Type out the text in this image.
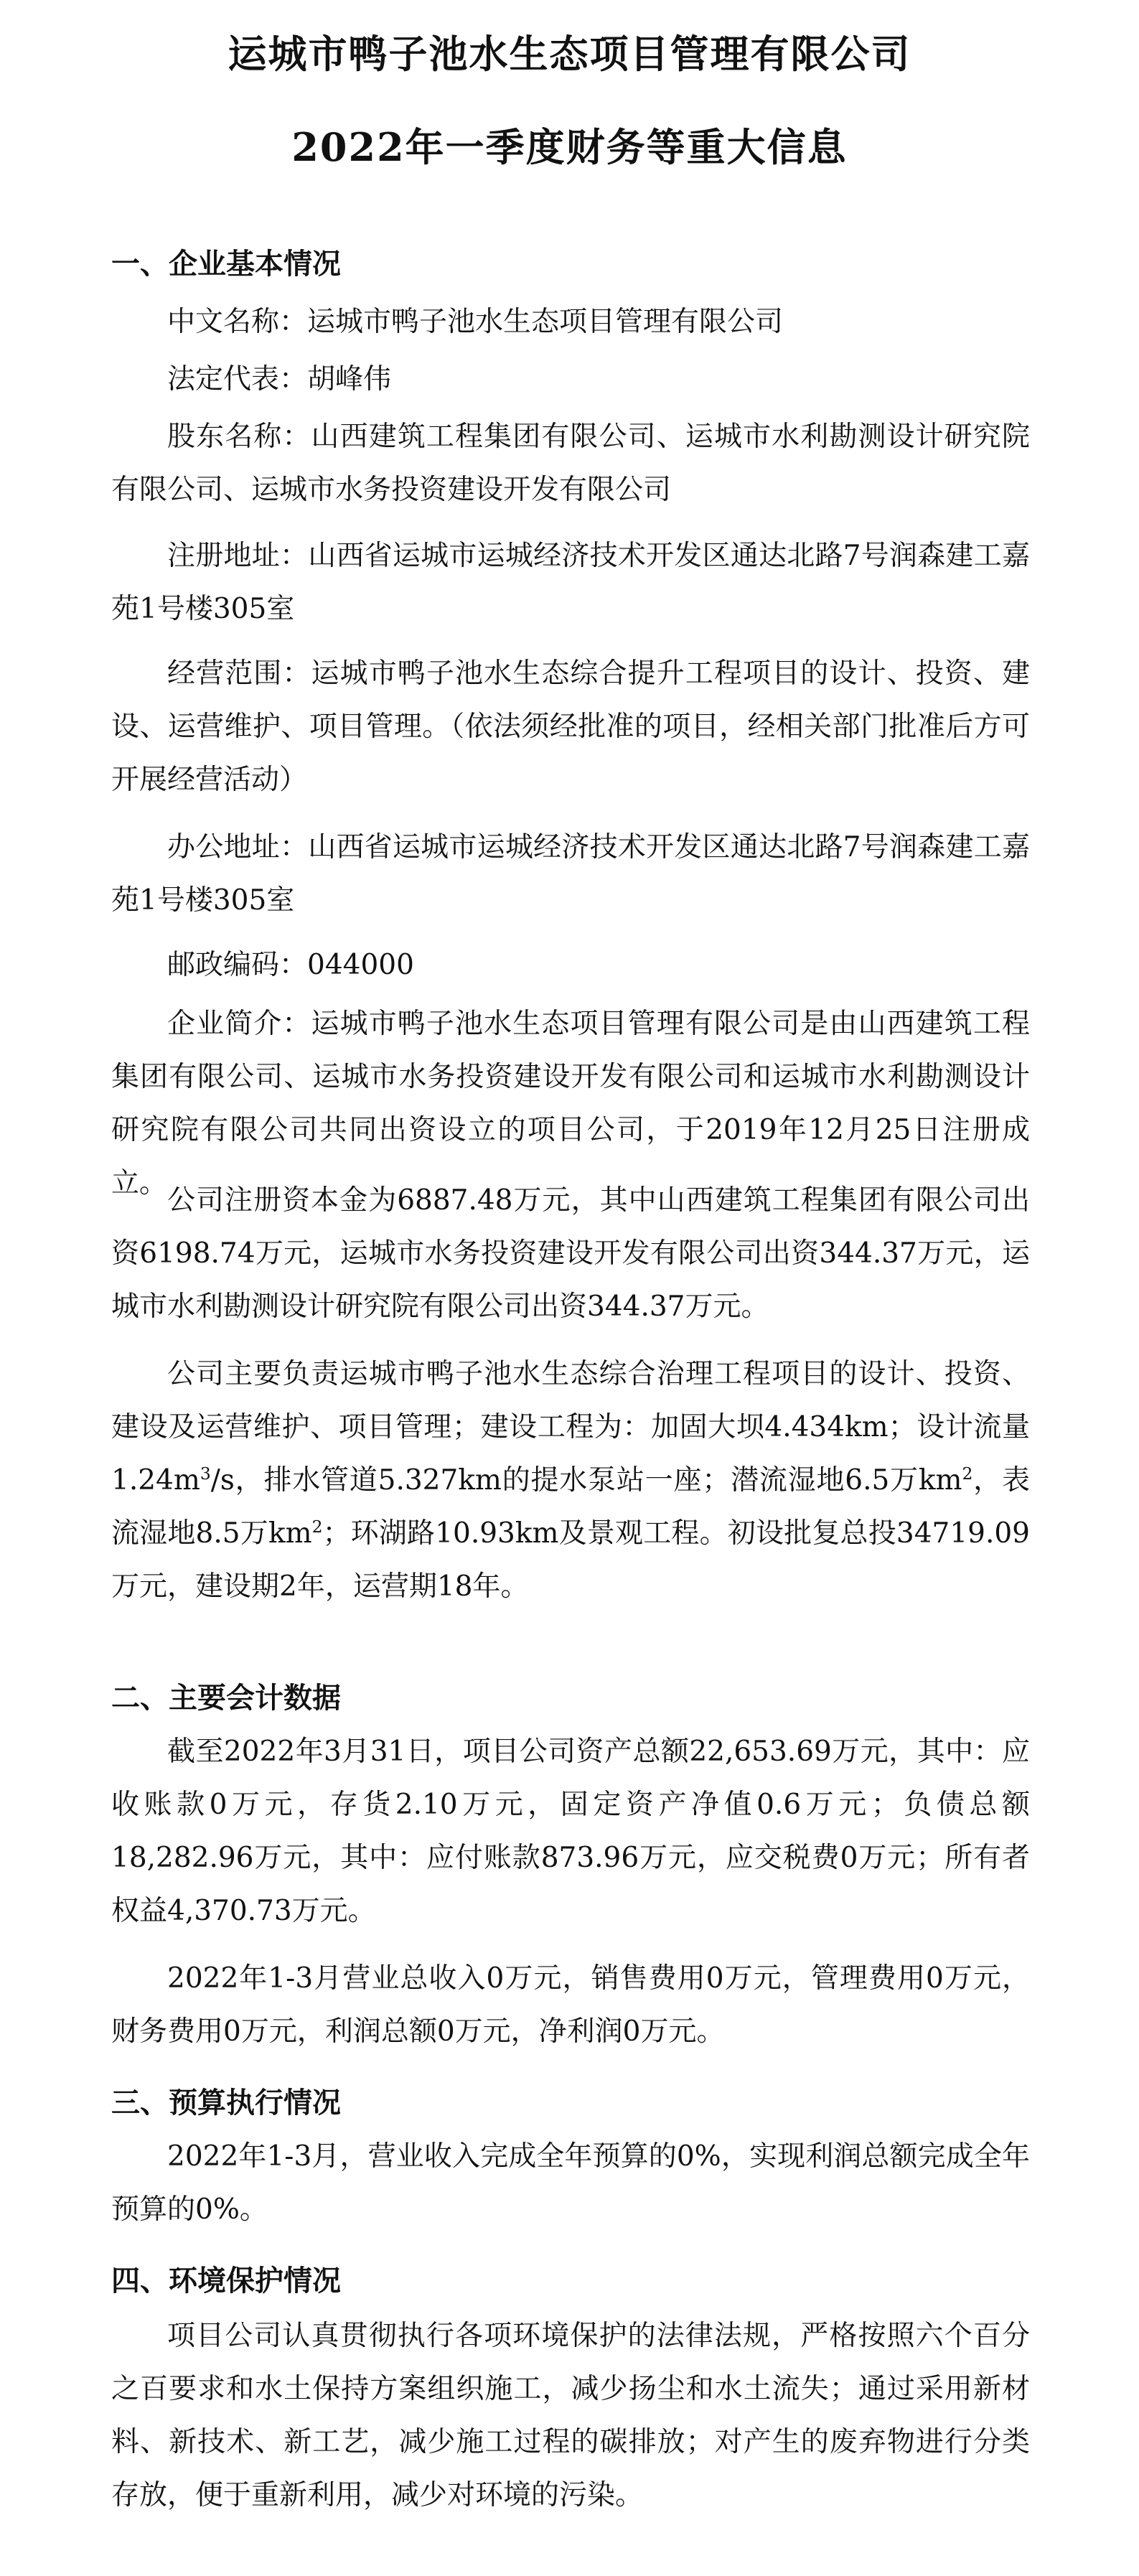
运城市鸭子池水生态项目管理有限公司
2022年一季度财务等重大信息
一、企业基本情况

中文名称：运城市鸭子池水生态项目管理有限公司

法定代表：胡峰伟

股东名称：山西建筑工程集团有限公司、运城市水利勘测设计研究院有限公司、运城市水务投资建设开发有限公司

注册地址：山西省运城市运城经济技术开发区通达北路7号润森建工嘉苑1号楼305室

经营范围：运城市鸭子池水生态综合提升工程项目的设计、投资、建设、运营维护、项目管理。（依法须经批准的项目，经相关部门批准后方可开展经营活动）

办公地址：山西省运城市运城经济技术开发区通达北路7号润森建工嘉苑1号楼305室

邮政编码：044000

企业简介：运城市鸭子池水生态项目管理有限公司是由山西建筑工程集团有限公司、运城市水务投资建设开发有限公司和运城市水利勘测设计研究院有限公司共同出资设立的项目公司，于2019年12月25日注册成立。

公司注册资本金为6887.48万元，其中山西建筑工程集团有限公司出资6198.74万元，运城市水务投资建设开发有限公司出资344.37万元，运城市水利勘测设计研究院有限公司出资344.37万元。

公司主要负责运城市鸭子池水生态综合治理工程项目的设计、投资、建设及运营维护、项目管理；建设工程为：加固大坝4.434km；设计流量$1.24m^3/s$，排水管道5.327km的提水泵站一座；潜流湿地6.5万$km^2$，表流湿地8.5万$km^2$；环湖路10.93km及景观工程。初设批复总投34719.09万元，建设期2年，运营期18年。

二、主要会计数据

截至2022年3月31日，项目公司资产总额22,653.69万元，其中：应收账款0万元，存货2.10万元，固定资产净值0.6万元；负债总额18,282.96万元，其中：应付账款873.96万元，应交税费0万元；所有者权益4,370.73万元。

2022年1-3月营业总收入0万元，销售费用0万元，管理费用0万元，财务费用0万元，利润总额0万元，净利润0万元。

三、预算执行情况

2022年1-3月，营业收入完成全年预算的0%，实现利润总额完成全年预算的0%。

四、环境保护情况

项目公司认真贯彻执行各项环境保护的法律法规，严格按照六个百分之百要求和水土保持方案组织施工，减少扬尘和水土流失；通过采用新材料、新技术、新工艺，减少施工过程的碳排放；对产生的废弃物进行分类存放，便于重新利用，减少对环境的污染。
